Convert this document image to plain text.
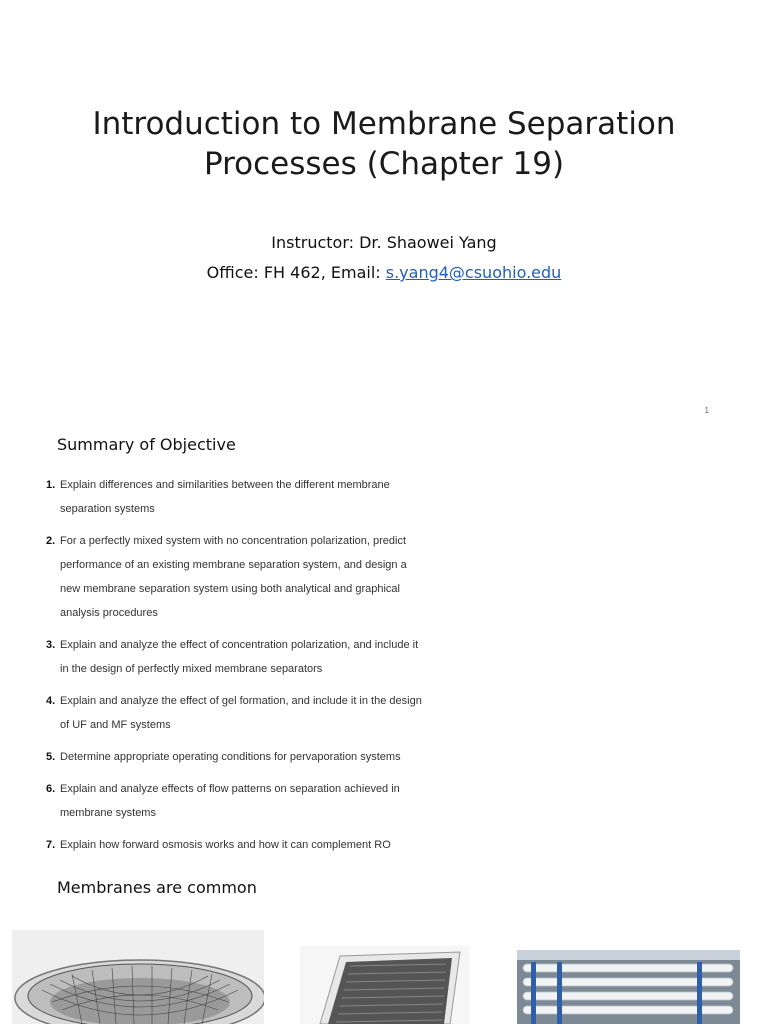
Introduction to Membrane Separation
Processes (Chapter 19)
Instructor: Dr. Shaowei Yang
Office: FH 462, Email: s.yang4@csuohio.edu
1
Summary of Objective
1. Explain differences and similarities between the different membrane
separation systems
2. For a perfectly mixed system with no concentration polarization, predict
performance of an existing membrane separation system, and design a
new membrane separation system using both analytical and graphical
analysis procedures
3. Explain and analyze the effect of concentration polarization, and include it
in the design of perfectly mixed membrane separators
4. Explain and analyze the effect of gel formation, and include it in the design
of UF and MF systems
5. Determine appropriate operating conditions for pervaporation systems
6. Explain and analyze effects of flow patterns on separation achieved in
membrane systems
7. Explain how forward osmosis works and how it can complement RO
Membranes are common
